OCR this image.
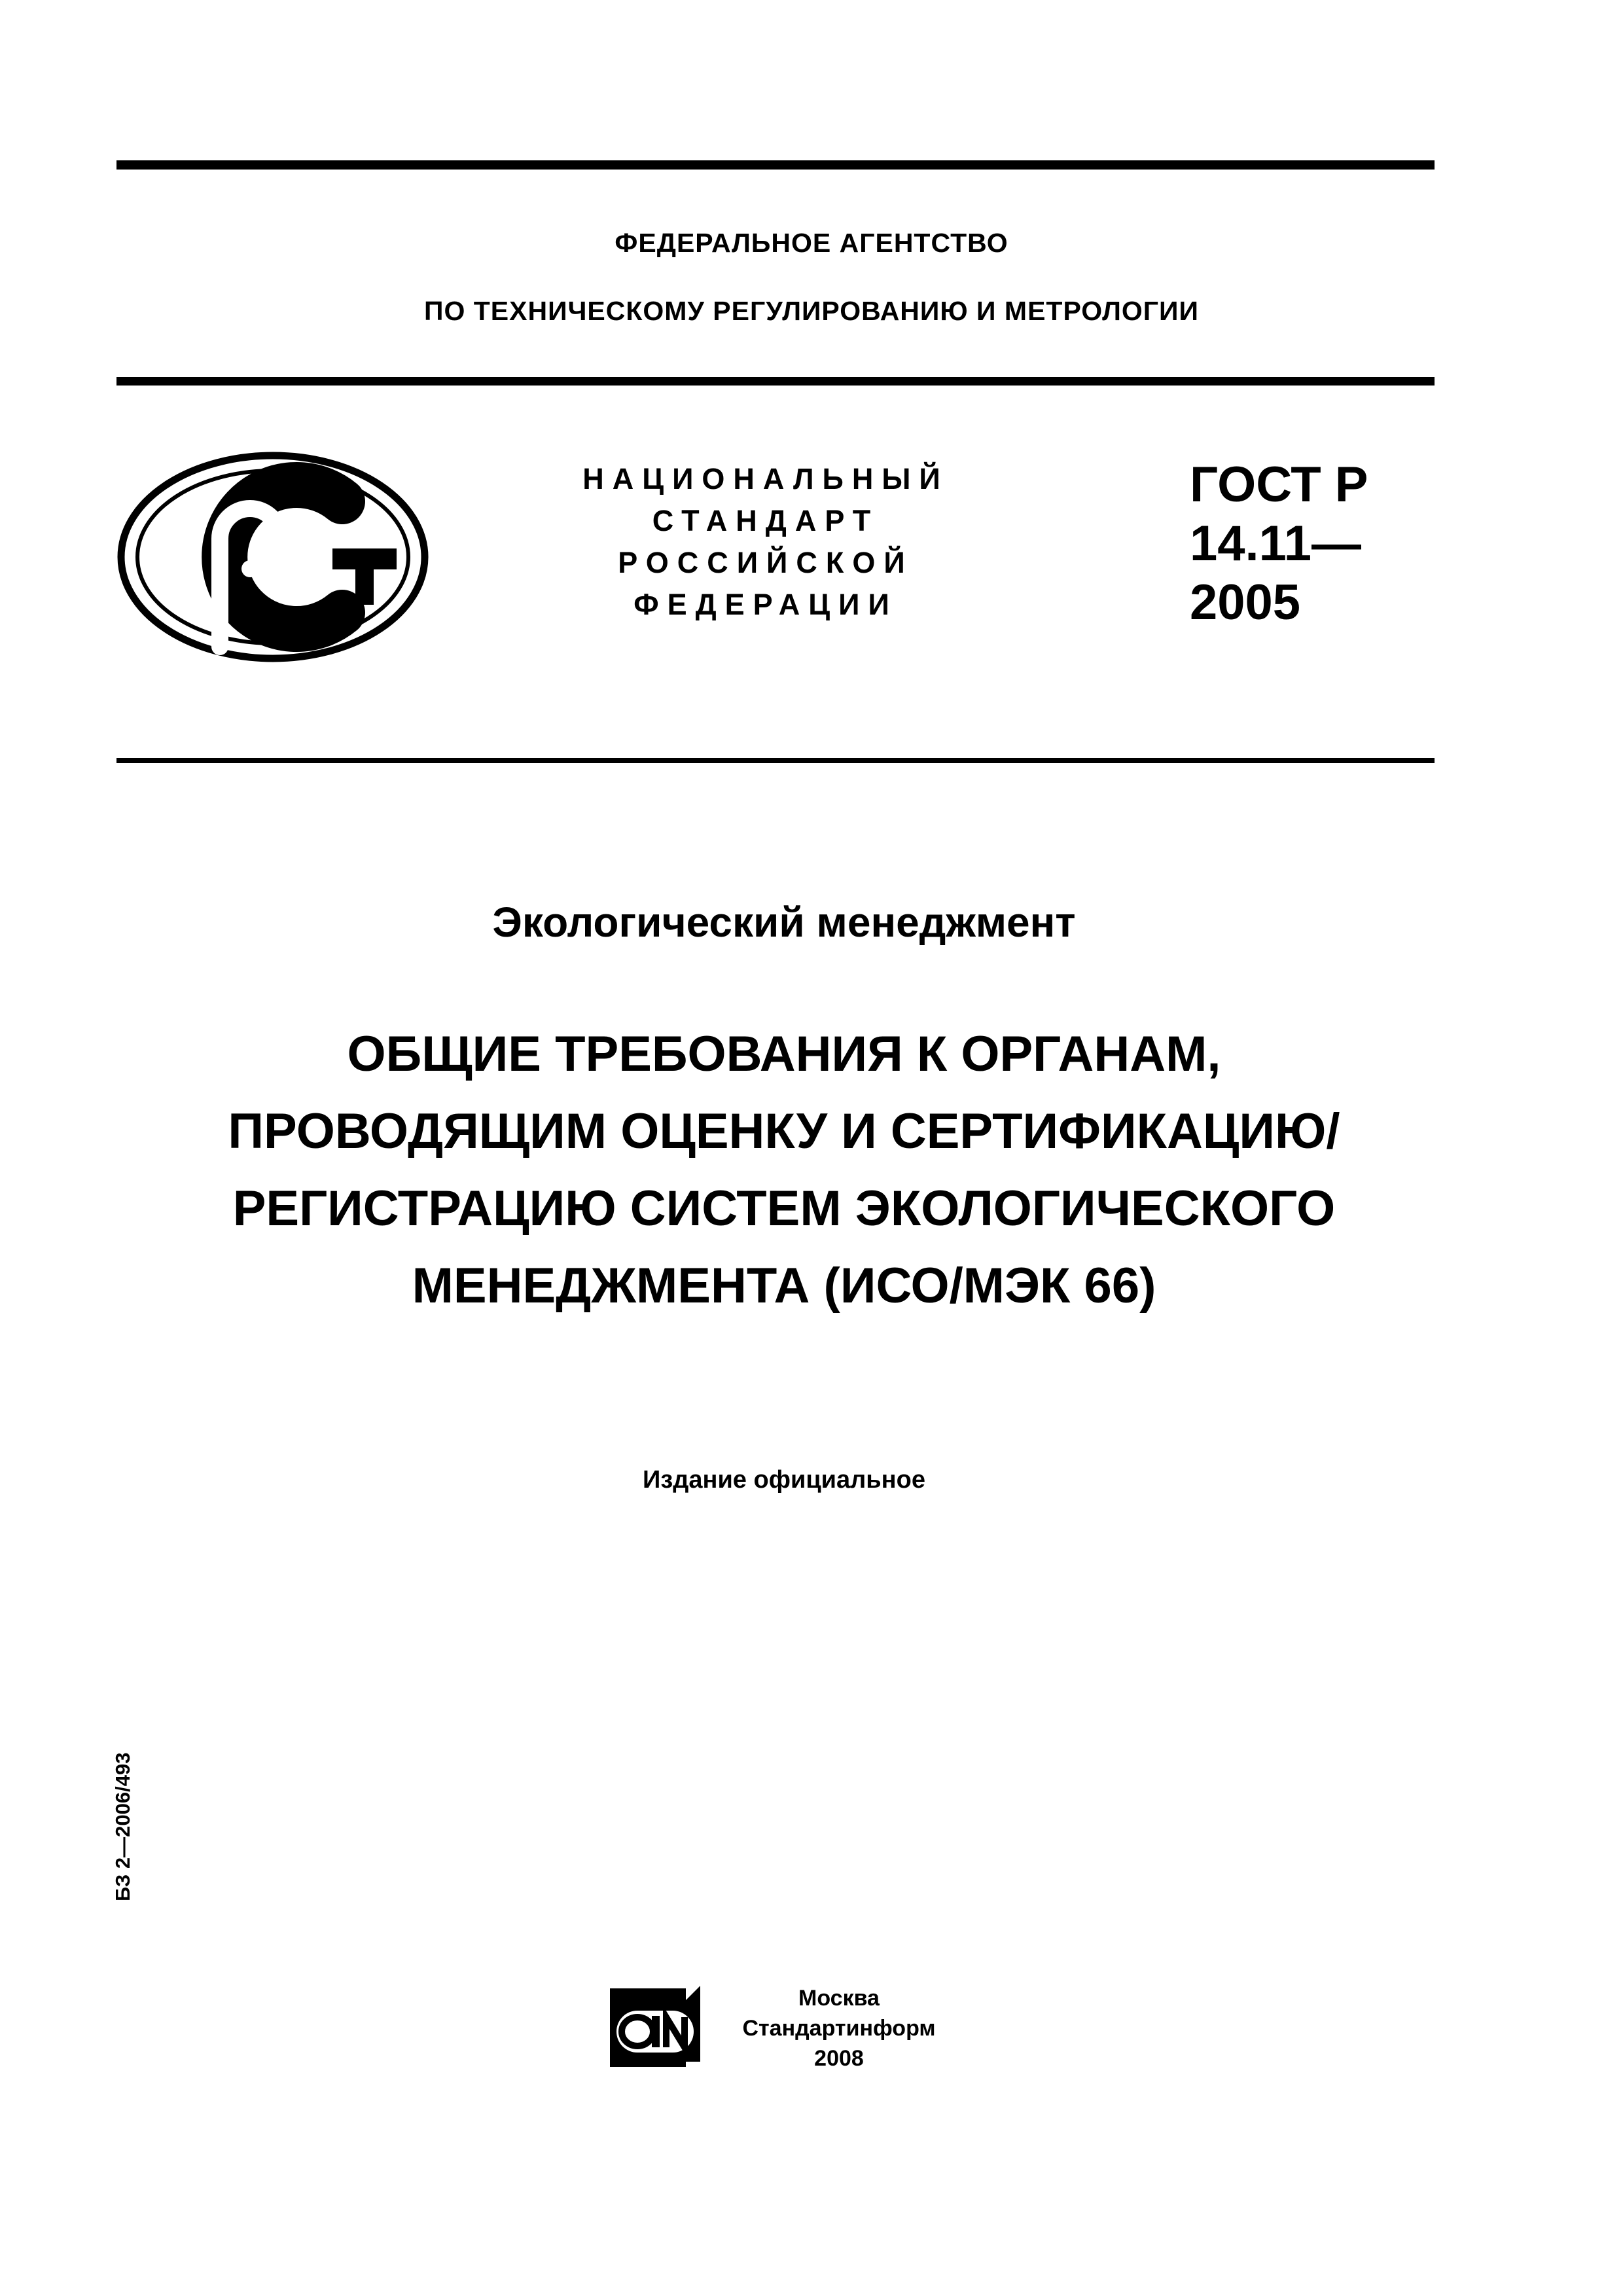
ФЕДЕРАЛЬНОЕ АГЕНТСТВО
ПО ТЕХНИЧЕСКОМУ РЕГУЛИРОВАНИЮ И МЕТРОЛОГИИ
НАЦИОНАЛЬНЫЙ
СТАНДАРТ
РОССИЙСКОЙ
ФЕДЕРАЦИИ
ГОСТ Р
14.11—
2005
Экологический менеджмент
ОБЩИЕ ТРЕБОВАНИЯ К ОРГАНАМ,
ПРОВОДЯЩИМ ОЦЕНКУ И СЕРТИФИКАЦИЮ/
РЕГИСТРАЦИЮ СИСТЕМ ЭКОЛОГИЧЕСКОГО
МЕНЕДЖМЕНТА (ИСО/МЭК 66)
Издание официальное
БЗ 2—2006/493
Москва
Стандартинформ
2008
